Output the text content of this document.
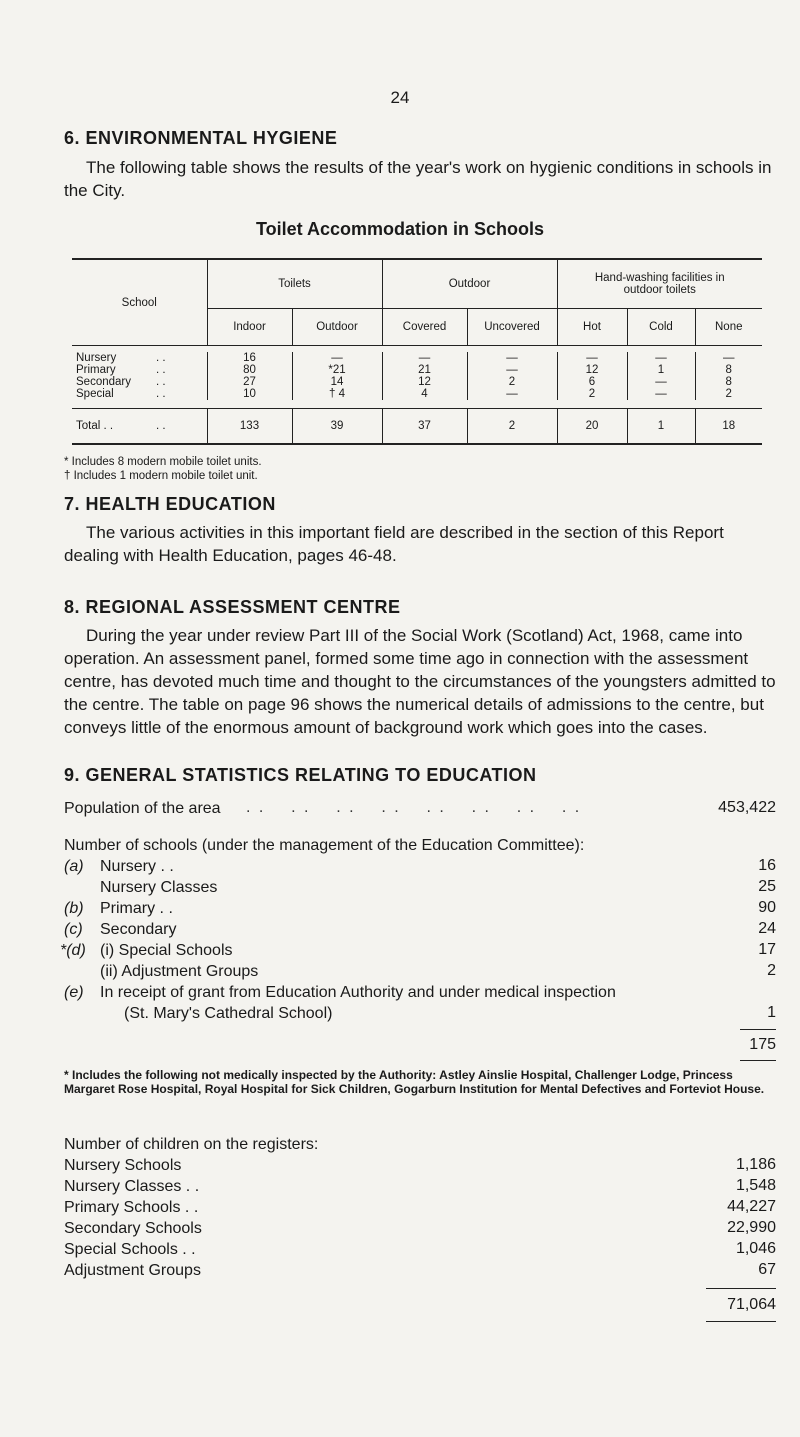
24
6. ENVIRONMENTAL HYGIENE
The following table shows the results of the year's work on hygienic conditions in schools in the City.
Toilet Accommodation in Schools
School	Toilets		Outdoor		Hand-washing facilities in outdoor toilets		
	Indoor	Outdoor	Covered	Uncovered	Hot	Cold	None

Nursery . .	16	—	—	—	—	—	—
Primary . .	80	*21	21	—	12	1	8
Secondary . .	27	14	12	2	6	—	8
Special . .	10	† 4	4	—	2	—	2

Total . . . .	133	39	37	2	20	1	18
* Includes 8 modern mobile toilet units.
† Includes 1 modern mobile toilet unit.
7. HEALTH EDUCATION
The various activities in this important field are described in the section of this Report dealing with Health Education, pages 46-48.
8. REGIONAL ASSESSMENT CENTRE
During the year under review Part III of the Social Work (Scotland) Act, 1968, came into operation. An assessment panel, formed some time ago in connection with the assessment centre, has devoted much time and thought to the circumstances of the youngsters admitted to the centre. The table on page 96 shows the numerical details of admissions to the centre, but conveys little of the enormous amount of background work which goes into the cases.
9. GENERAL STATISTICS RELATING TO EDUCATION
Population of the area . .    . .    . .    . .    . .    . .    . .    . .	453,422
Number of schools (under the management of the Education Committee):
(a) Nursery . .	16
Nursery Classes	25
(b) Primary . .	90
(c) Secondary	24
*(d) (i) Special Schools	17
(ii) Adjustment Groups	2
(e) In receipt of grant from Education Authority and under medical inspection
(St. Mary's Cathedral School)	1
175
* Includes the following not medically inspected by the Authority: Astley Ainslie Hospital, Challenger Lodge, Princess Margaret Rose Hospital, Royal Hospital for Sick Children, Gogarburn Institution for Mental Defectives and Forteviot House.
Number of children on the registers:
Nursery Schools	1,186
Nursery Classes . .	1,548
Primary Schools . .	44,227
Secondary Schools	22,990
Special Schools . .	1,046
Adjustment Groups	67
71,064
